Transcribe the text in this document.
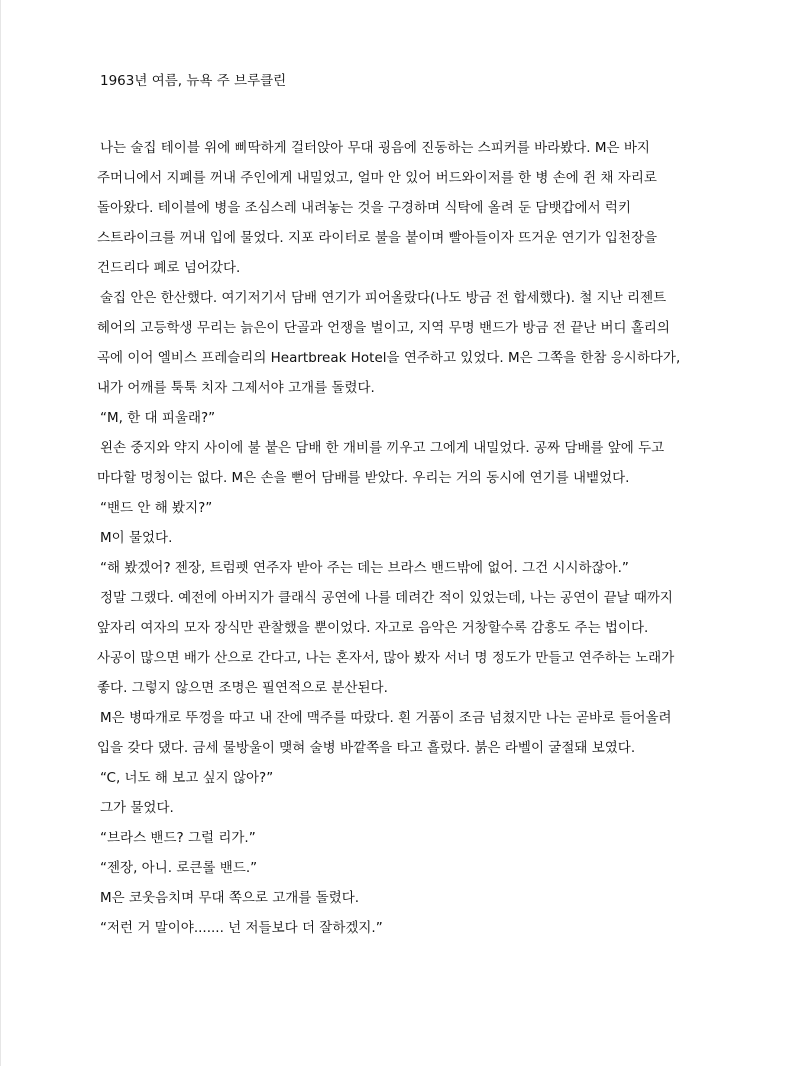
1963년 여름, 뉴욕 주 브루클린
나는 술집 테이블 위에 삐딱하게 걸터앉아 무대 굉음에 진동하는 스피커를 바라봤다. M은 바지
주머니에서 지폐를 꺼내 주인에게 내밀었고, 얼마 안 있어 버드와이저를 한 병 손에 쥔 채 자리로
돌아왔다. 테이블에 병을 조심스레 내려놓는 것을 구경하며 식탁에 올려 둔 담뱃갑에서 럭키
스트라이크를 꺼내 입에 물었다. 지포 라이터로 불을 붙이며 빨아들이자 뜨거운 연기가 입천장을
건드리다 폐로 넘어갔다.
술집 안은 한산했다. 여기저기서 담배 연기가 피어올랐다(나도 방금 전 합세했다). 철 지난 리젠트
헤어의 고등학생 무리는 늙은이 단골과 언쟁을 벌이고, 지역 무명 밴드가 방금 전 끝난 버디 홀리의
곡에 이어 엘비스 프레슬리의 Heartbreak Hotel을 연주하고 있었다. M은 그쪽을 한참 응시하다가,
내가 어깨를 툭툭 치자 그제서야 고개를 돌렸다.
“M, 한 대 피울래?”
왼손 중지와 약지 사이에 불 붙은 담배 한 개비를 끼우고 그에게 내밀었다. 공짜 담배를 앞에 두고
마다할 멍청이는 없다. M은 손을 뻗어 담배를 받았다. 우리는 거의 동시에 연기를 내뱉었다.
“밴드 안 해 봤지?”
M이 물었다.
“해 봤겠어? 젠장, 트럼펫 연주자 받아 주는 데는 브라스 밴드밖에 없어. 그건 시시하잖아.”
정말 그랬다. 예전에 아버지가 클래식 공연에 나를 데려간 적이 있었는데, 나는 공연이 끝날 때까지
앞자리 여자의 모자 장식만 관찰했을 뿐이었다. 자고로 음악은 거창할수록 감흥도 주는 법이다.
사공이 많으면 배가 산으로 간다고, 나는 혼자서, 많아 봤자 서너 명 정도가 만들고 연주하는 노래가
좋다. 그렇지 않으면 조명은 필연적으로 분산된다.
M은 병따개로 뚜껑을 따고 내 잔에 맥주를 따랐다. 흰 거품이 조금 넘쳤지만 나는 곧바로 들어올려
입을 갖다 댔다. 금세 물방울이 맺혀 술병 바깥쪽을 타고 흘렀다. 붉은 라벨이 굴절돼 보였다.
“C, 너도 해 보고 싶지 않아?”
그가 물었다.
“브라스 밴드? 그럴 리가.”
“젠장, 아니. 로큰롤 밴드.”
M은 코웃음치며 무대 쪽으로 고개를 돌렸다.
“저런 거 말이야....... 넌 저들보다 더 잘하겠지.”
